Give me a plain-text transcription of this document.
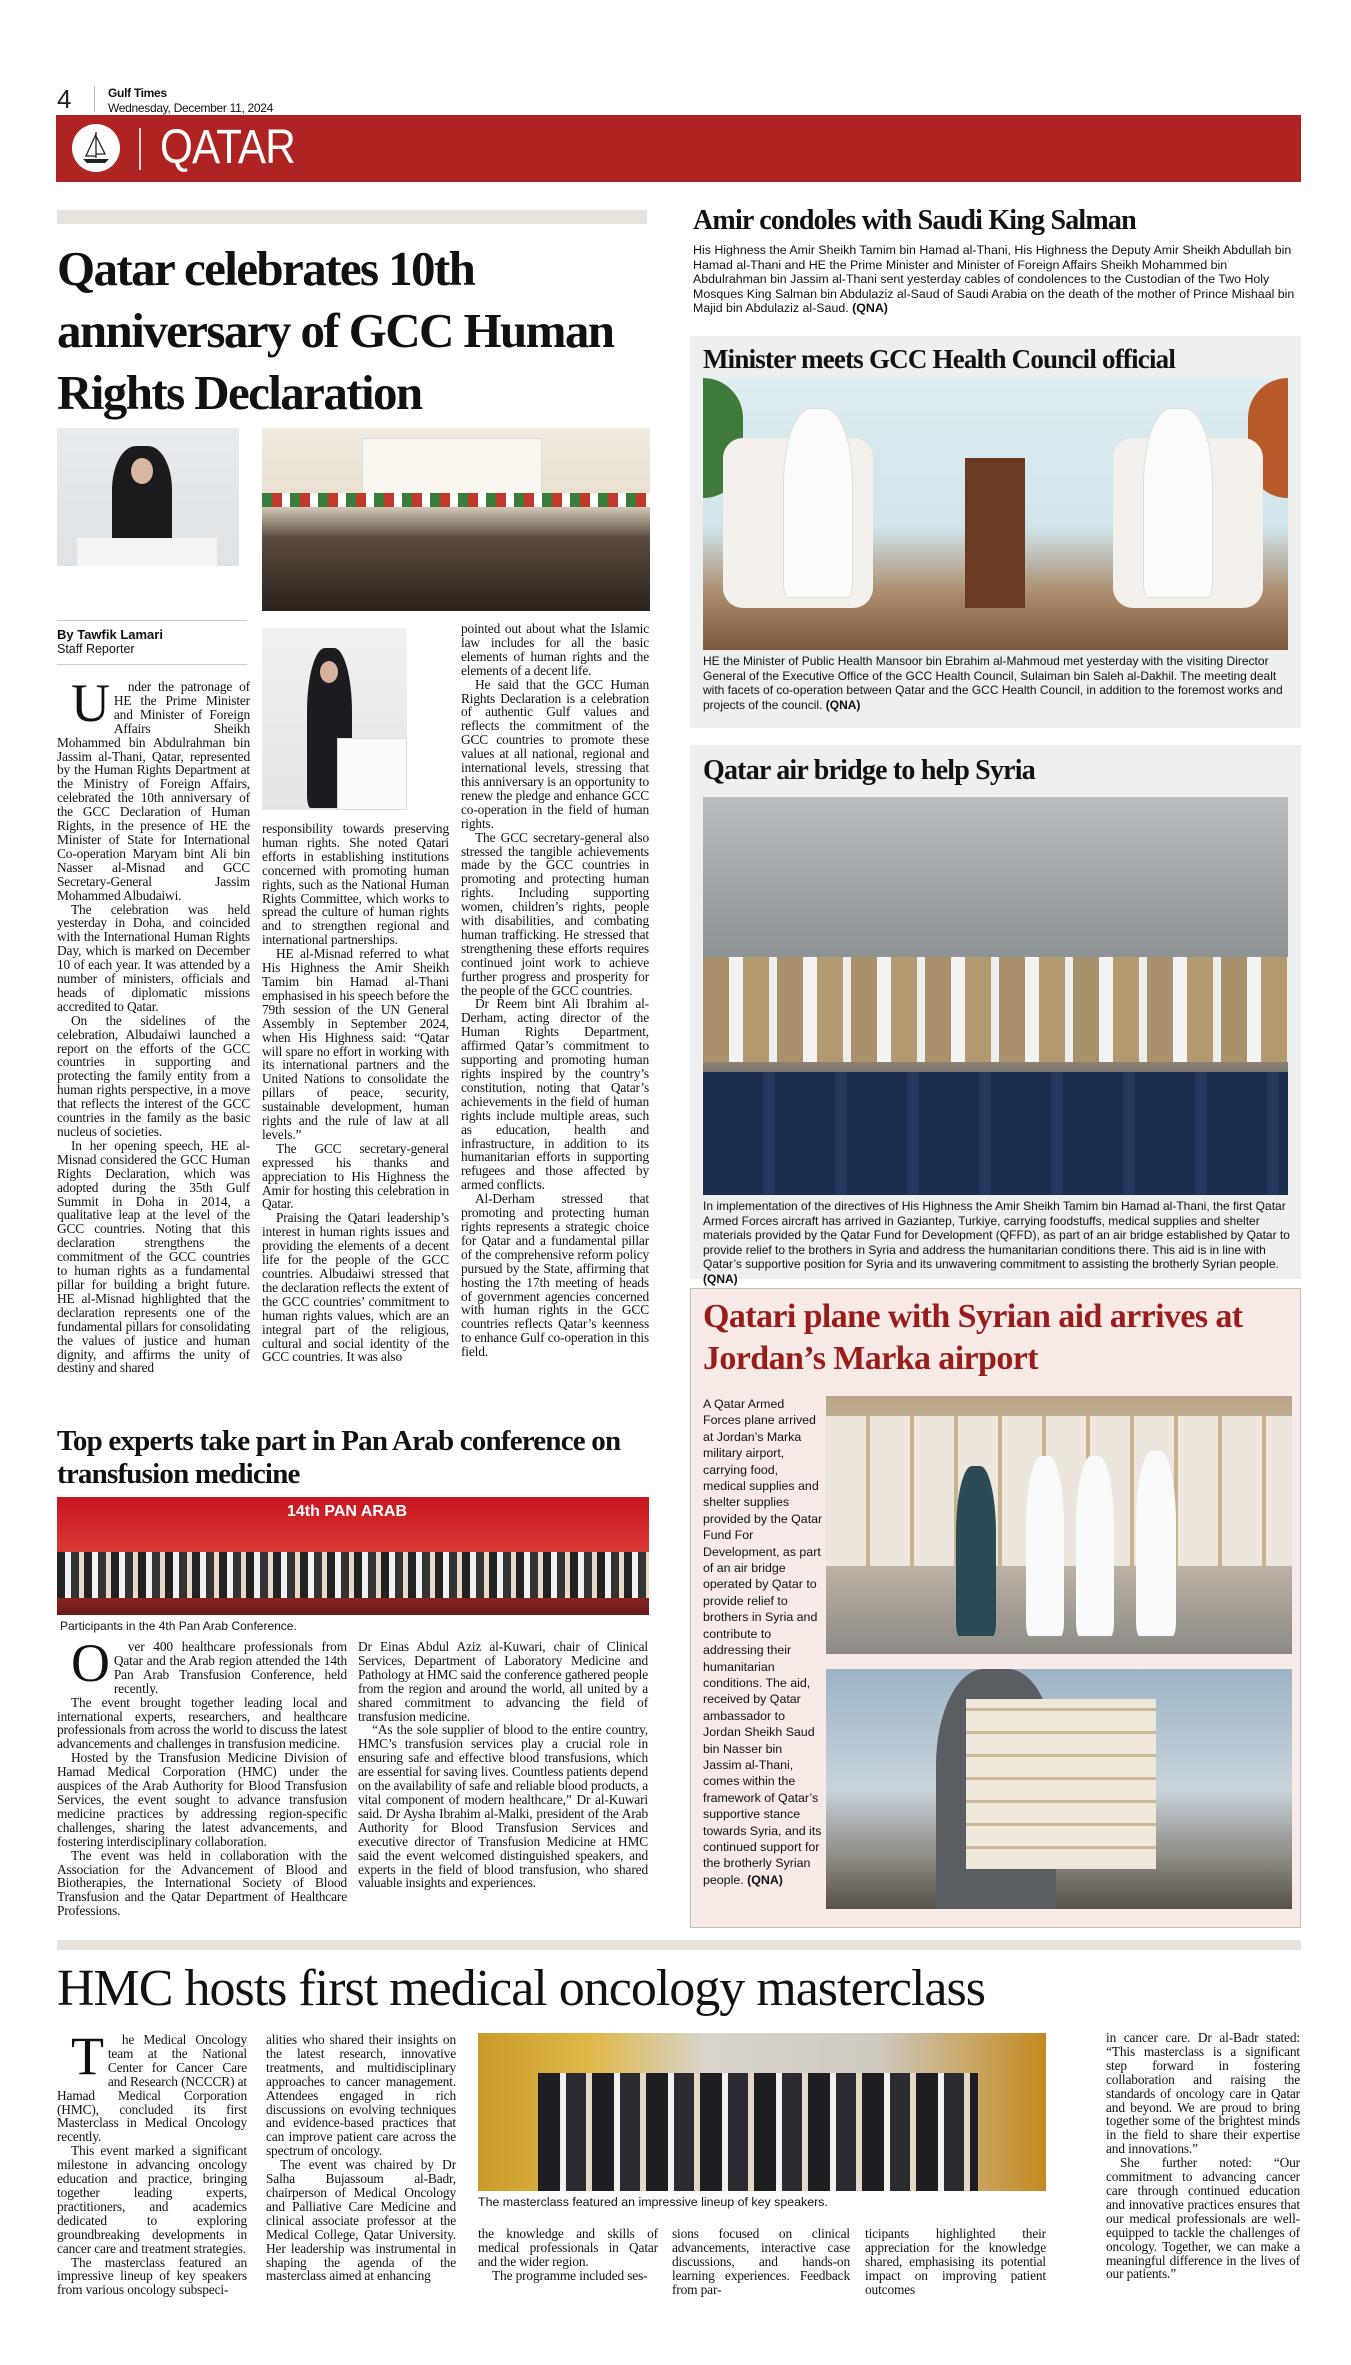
4	Gulf Times
Wednesday, December 11, 2024
QATAR
Qatar celebrates 10th anniversary of GCC Human Rights Declaration
By Tawfik Lamari
Staff Reporter

Under the patronage of HE the Prime Minister and Minister of Foreign Affairs Sheikh Mohammed bin Abdulrahman bin Jassim al-Thani, Qatar, represented by the Human Rights Department at the Ministry of Foreign Affairs, celebrated the 10th anniversary of the GCC Declaration of Human Rights, in the presence of HE the Minister of State for International Co-operation Maryam bint Ali bin Nasser al-Misnad and GCC Secretary-General Jassim Mohammed Albudaiwi.

The celebration was held yesterday in Doha, and coincided with the International Human Rights Day, which is marked on December 10 of each year. It was attended by a number of ministers, officials and heads of diplomatic missions accredited to Qatar.

On the sidelines of the celebration, Albudaiwi launched a report on the efforts of the GCC countries in supporting and protecting the family entity from a human rights perspective, in a move that reflects the interest of the GCC countries in the family as the basic nucleus of societies.

In her opening speech, HE al-Misnad considered the GCC Human Rights Declaration, which was adopted during the 35th Gulf Summit in Doha in 2014, a qualitative leap at the level of the GCC countries. Noting that this declaration strengthens the commitment of the GCC countries to human rights as a fundamental pillar for building a bright future. HE al-Misnad highlighted that the declaration represents one of the fundamental pillars for consolidating the values of justice and human dignity, and affirms the unity of destiny and shared

responsibility towards preserving human rights. She noted Qatari efforts in establishing institutions concerned with promoting human rights, such as the National Human Rights Committee, which works to spread the culture of human rights and to strengthen regional and international partnerships.

HE al-Misnad referred to what His Highness the Amir Sheikh Tamim bin Hamad al-Thani emphasised in his speech before the 79th session of the UN General Assembly in September 2024, when His Highness said: “Qatar will spare no effort in working with its international partners and the United Nations to consolidate the pillars of peace, security, sustainable development, human rights and the rule of law at all levels.”

The GCC secretary-general expressed his thanks and appreciation to His Highness the Amir for hosting this celebration in Qatar.

Praising the Qatari leadership’s interest in human rights issues and providing the elements of a decent life for the people of the GCC countries. Albudaiwi stressed that the declaration reflects the extent of the GCC countries’ commitment to human rights values, which are an integral part of the religious, cultural and social identity of the GCC countries. It was also

pointed out about what the Islamic law includes for all the basic elements of human rights and the elements of a decent life.

He said that the GCC Human Rights Declaration is a celebration of authentic Gulf values and reflects the commitment of the GCC countries to promote these values at all national, regional and international levels, stressing that this anniversary is an opportunity to renew the pledge and enhance GCC co-operation in the field of human rights.

The GCC secretary-general also stressed the tangible achievements made by the GCC countries in promoting and protecting human rights. Including supporting women, children’s rights, people with disabilities, and combating human trafficking. He stressed that strengthening these efforts requires continued joint work to achieve further progress and prosperity for the people of the GCC countries.

Dr Reem bint Ali Ibrahim al-Derham, acting director of the Human Rights Department, affirmed Qatar’s commitment to supporting and promoting human rights inspired by the country’s constitution, noting that Qatar’s achievements in the field of human rights include multiple areas, such as education, health and infrastructure, in addition to its humanitarian efforts in supporting refugees and those affected by armed conflicts.

Al-Derham stressed that promoting and protecting human rights represents a strategic choice for Qatar and a fundamental pillar of the comprehensive reform policy pursued by the State, affirming that hosting the 17th meeting of heads of government agencies concerned with human rights in the GCC countries reflects Qatar’s keenness to enhance Gulf co-operation in this field.

Top experts take part in Pan Arab conference on transfusion medicine
14th PAN ARAB
Participants in the 4th Pan Arab Conference.

Over 400 healthcare professionals from Qatar and the Arab region attended the 14th Pan Arab Transfusion Conference, held recently.

The event brought together leading local and international experts, researchers, and healthcare professionals from across the world to discuss the latest advancements and challenges in transfusion medicine.

Hosted by the Transfusion Medicine Division of Hamad Medical Corporation (HMC) under the auspices of the Arab Authority for Blood Transfusion Services, the event sought to advance transfusion medicine practices by addressing region-specific challenges, sharing the latest advancements, and fostering interdisciplinary collaboration.

The event was held in collaboration with the Association for the Advancement of Blood and Biotherapies, the International Society of Blood Transfusion and the Qatar Department of Healthcare Professions.

Dr Einas Abdul Aziz al-Kuwari, chair of Clinical Services, Department of Laboratory Medicine and Pathology at HMC said the conference gathered people from the region and around the world, all united by a shared commitment to advancing the field of transfusion medicine.

“As the sole supplier of blood to the entire country, HMC’s transfusion services play a crucial role in ensuring safe and effective blood transfusions, which are essential for saving lives. Countless patients depend on the availability of safe and reliable blood products, a vital component of modern healthcare,” Dr al-Kuwari said. Dr Aysha Ibrahim al-Malki, president of the Arab Authority for Blood Transfusion Services and executive director of Transfusion Medicine at HMC said the event welcomed distinguished speakers, and experts in the field of blood transfusion, who shared valuable insights and experiences.

Amir condoles with Saudi King Salman
His Highness the Amir Sheikh Tamim bin Hamad al-Thani, His Highness the Deputy Amir Sheikh Abdullah bin Hamad al-Thani and HE the Prime Minister and Minister of Foreign Affairs Sheikh Mohammed bin Abdulrahman bin Jassim al-Thani sent yesterday cables of condolences to the Custodian of the Two Holy Mosques King Salman bin Abdulaziz al-Saud of Saudi Arabia on the death of the mother of Prince Mishaal bin Majid bin Abdulaziz al-Saud. (QNA)
Minister meets GCC Health Council official
HE the Minister of Public Health Mansoor bin Ebrahim al-Mahmoud met yesterday with the visiting Director General of the Executive Office of the GCC Health Council, Sulaiman bin Saleh al-Dakhil. The meeting dealt with facets of co-operation between Qatar and the GCC Health Council, in addition to the foremost works and projects of the council. (QNA)
Qatar air bridge to help Syria
In implementation of the directives of His Highness the Amir Sheikh Tamim bin Hamad al-Thani, the first Qatar Armed Forces aircraft has arrived in Gaziantep, Turkiye, carrying foodstuffs, medical supplies and shelter materials provided by the Qatar Fund for Development (QFFD), as part of an air bridge established by Qatar to provide relief to the brothers in Syria and address the humanitarian conditions there. This aid is in line with Qatar’s supportive position for Syria and its unwavering commitment to assisting the brotherly Syrian people. (QNA)
Qatari plane with Syrian aid arrives at Jordan’s Marka airport
A Qatar Armed Forces plane arrived at Jordan’s Marka military airport, carrying food, medical supplies and shelter supplies provided by the Qatar Fund For Development, as part of an air bridge operated by Qatar to provide relief to brothers in Syria and contribute to addressing their humanitarian conditions. The aid, received by Qatar ambassador to Jordan Sheikh Saud bin Nasser bin Jassim al-Thani, comes within the framework of Qatar’s supportive stance towards Syria, and its continued support for the brotherly Syrian people. (QNA)
HMC hosts first medical oncology masterclass

The Medical Oncology team at the National Center for Cancer Care and Research (NCCCR) at Hamad Medical Corporation (HMC), concluded its first Masterclass in Medical Oncology recently.

This event marked a significant milestone in advancing oncology education and practice, bringing together leading experts, practitioners, and academics dedicated to exploring groundbreaking developments in cancer care and treatment strategies.

The masterclass featured an impressive lineup of key speakers from various oncology subspeci-

alities who shared their insights on the latest research, innovative treatments, and multidisciplinary approaches to cancer management. Attendees engaged in rich discussions on evolving techniques and evidence-based practices that can improve patient care across the spectrum of oncology.

The event was chaired by Dr Salha Bujassoum al-Badr, chairperson of Medical Oncology and Palliative Care Medicine and clinical associate professor at the Medical College, Qatar University. Her leadership was instrumental in shaping the agenda of the masterclass aimed at enhancing

The masterclass featured an impressive lineup of key speakers.

the knowledge and skills of medical professionals in Qatar and the wider region.

The programme included ses-

sions focused on clinical advancements, interactive case discussions, and hands-on learning experiences. Feedback from par-

ticipants highlighted their appreciation for the knowledge shared, emphasising its potential impact on improving patient outcomes

in cancer care. Dr al-Badr stated: “This masterclass is a significant step forward in fostering collaboration and raising the standards of oncology care in Qatar and beyond. We are proud to bring together some of the brightest minds in the field to share their expertise and innovations.”

She further noted: “Our commitment to advancing cancer care through continued education and innovative practices ensures that our medical professionals are well-equipped to tackle the challenges of oncology. Together, we can make a meaningful difference in the lives of our patients.”
